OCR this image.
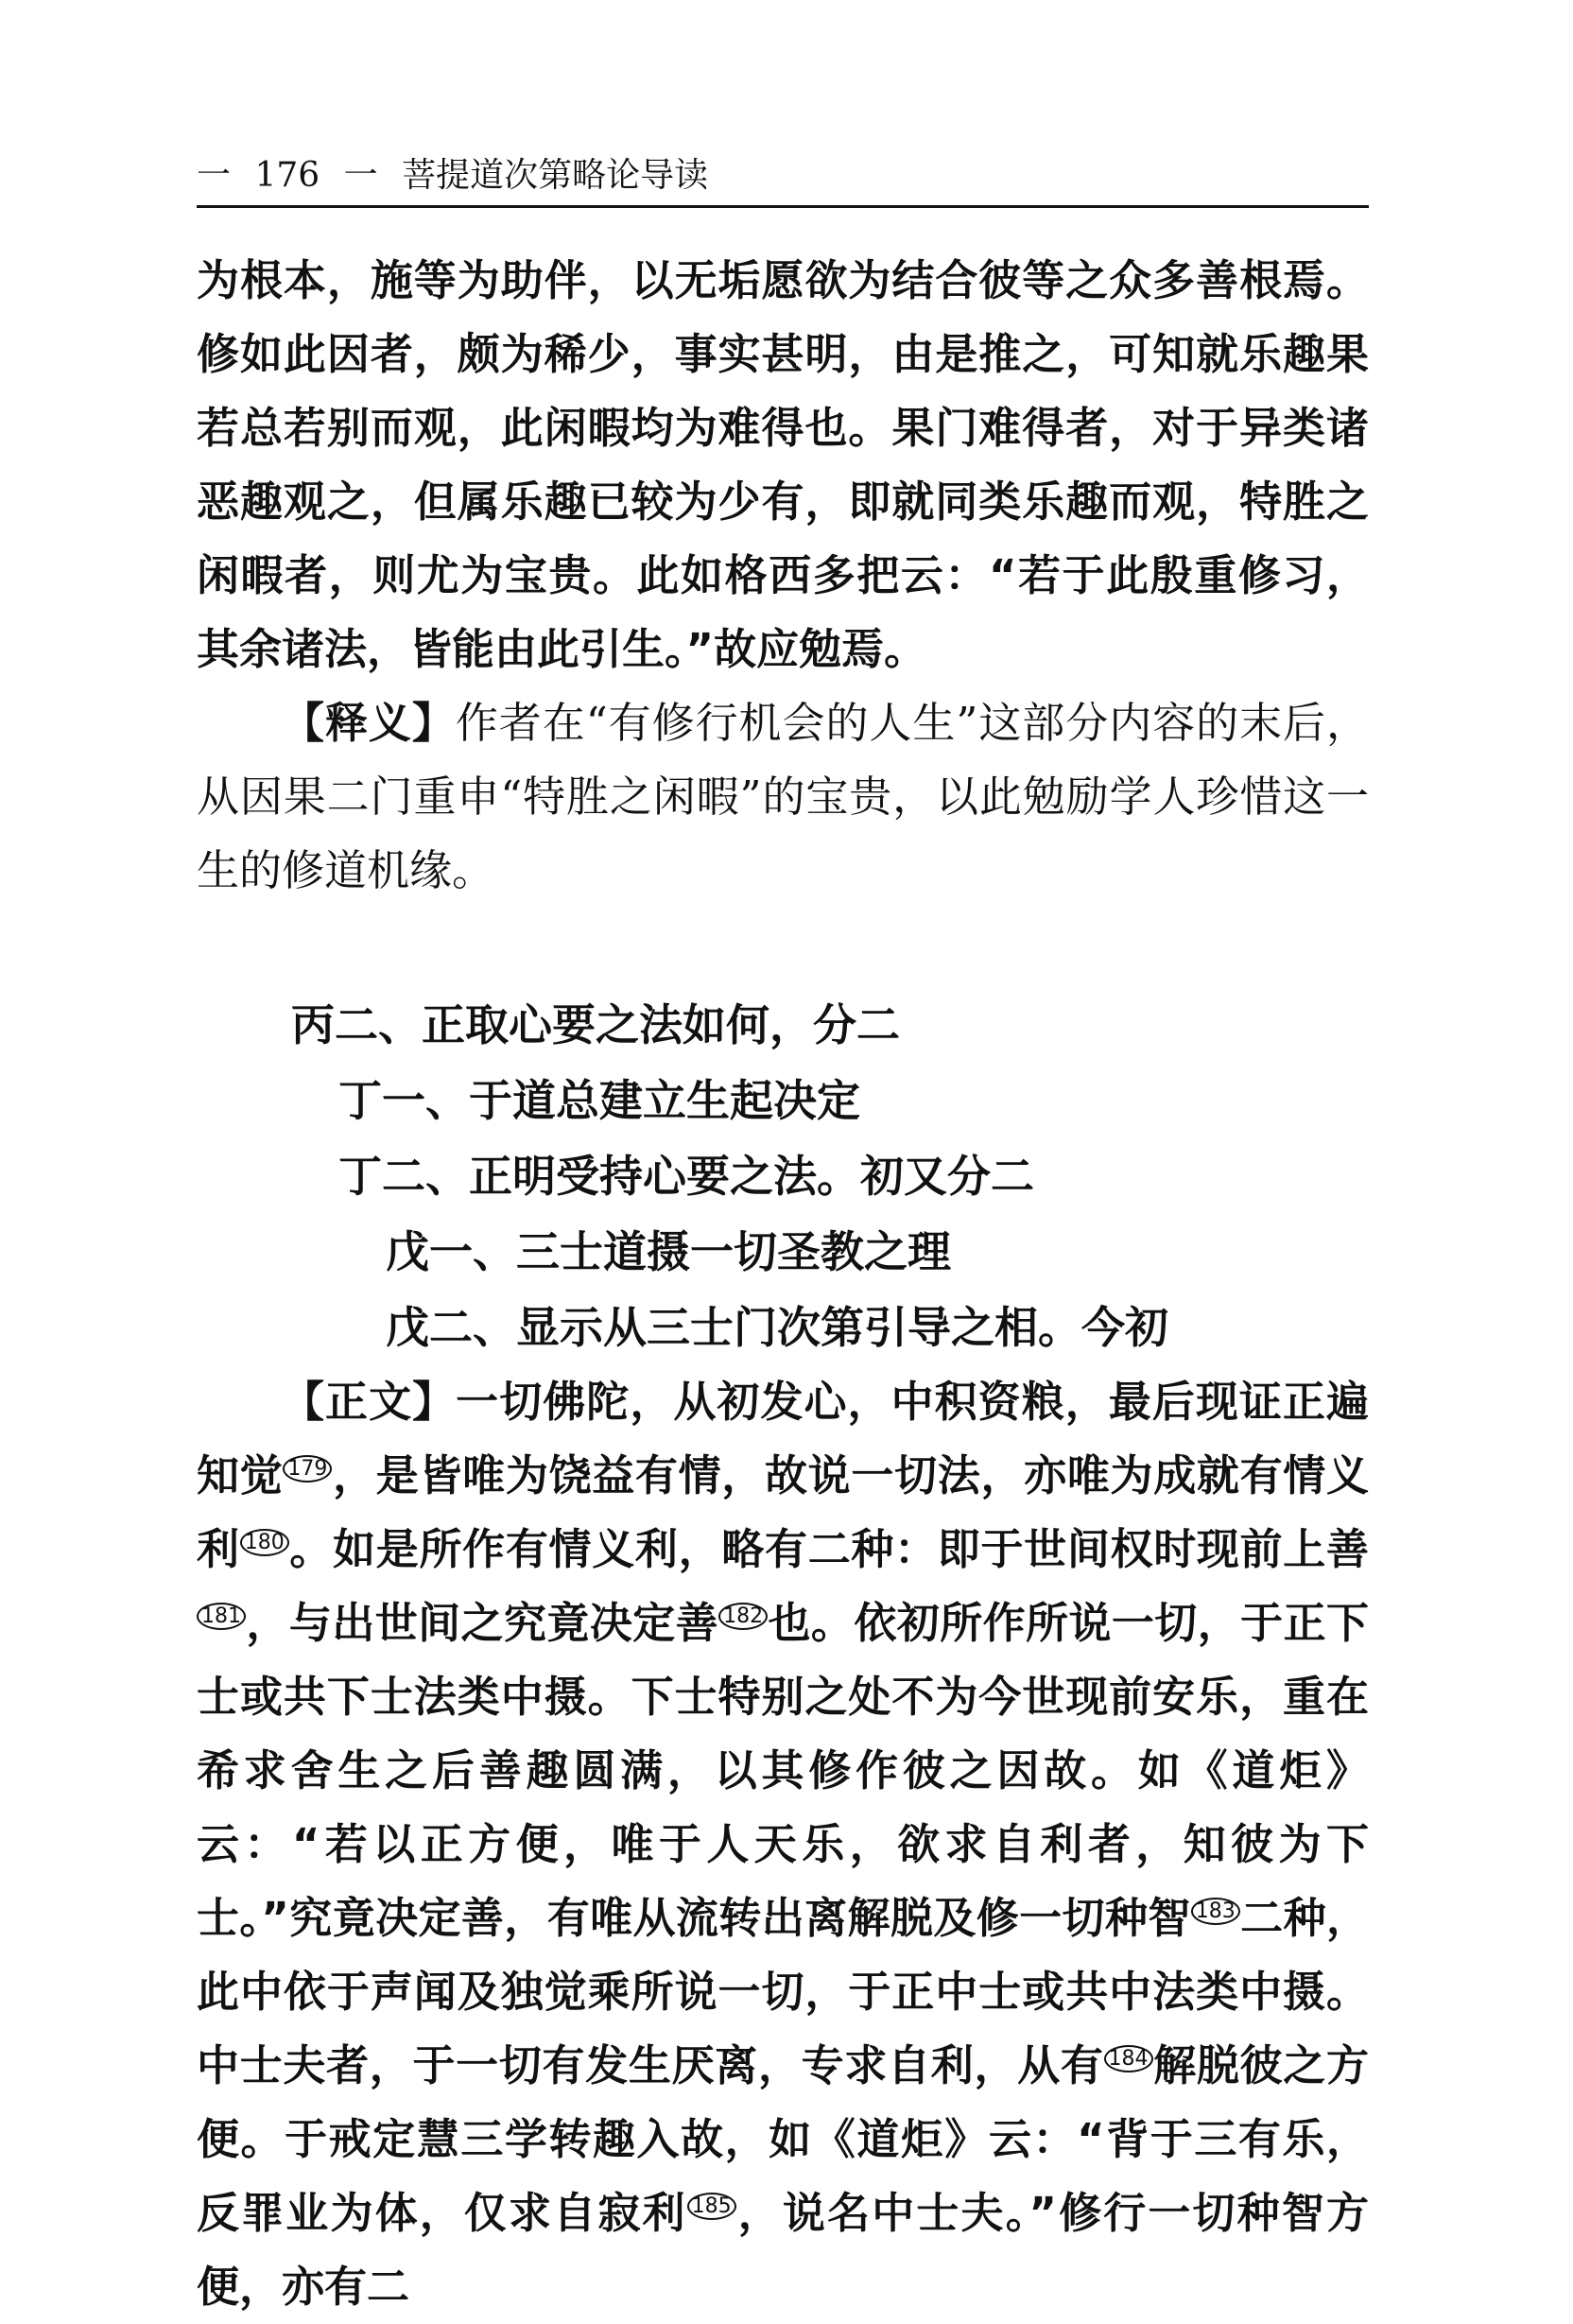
一 176 一 菩提道次第略论导读

为根本，施等为助伴，以无垢愿欲为结合彼等之众多善根焉。修如此因者，颇为稀少，事实甚明，由是推之，可知就乐趣果若总若别而观，此闲暇均为难得也。果门难得者，对于异类诸恶趣观之，但属乐趣已较为少有，即就同类乐趣而观，特胜之闲暇者，则尤为宝贵。此如格西多把云：“若于此殷重修习，其余诸法，皆能由此引生。”故应勉焉。

【释义】作者在“有修行机会的人生”这部分内容的末后，从因果二门重申“特胜之闲暇”的宝贵，以此勉励学人珍惜这一生的修道机缘。

丙二、正取心要之法如何，分二
丁一、于道总建立生起决定
丁二、正明受持心要之法。初又分二
戊一、三士道摄一切圣教之理
戊二、显示从三士门次第引导之相。今初

【正文】一切佛陀，从初发心，中积资粮，最后现证正遍知觉 $^{179}$ ，是皆唯为饶益有情，故说一切法，亦唯为成就有情义利 $^{180}$ 。如是所作有情义利，略有二种：即于世间权时现前上善$^{181}$ ，与出世间之究竟决定善 $^{182}$ 也。依初所作所说一切，于正下士或共下士法类中摄。下士特别之处不为今世现前安乐，重在希求舍生之后善趣圆满，以其修作彼之因故。如《道炬》云：“若以正方便，唯于人天乐，欲求自利者，知彼为下士。”究竟决定善，有唯从流转出离解脱及修一切种智 $^{183}$ 二种，此中依于声闻及独觉乘所说一切，于正中士或共中法类中摄。中士夫者，于一切有发生厌离，专求自利，从有 $^{184}$ 解脱彼之方便。于戒定慧三学转趣入故，如《道炬》云：“背于三有乐，反罪业为体，仅求自寂利 $^{185}$ ，说名中士夫。”修行一切种智方便，亦有二
